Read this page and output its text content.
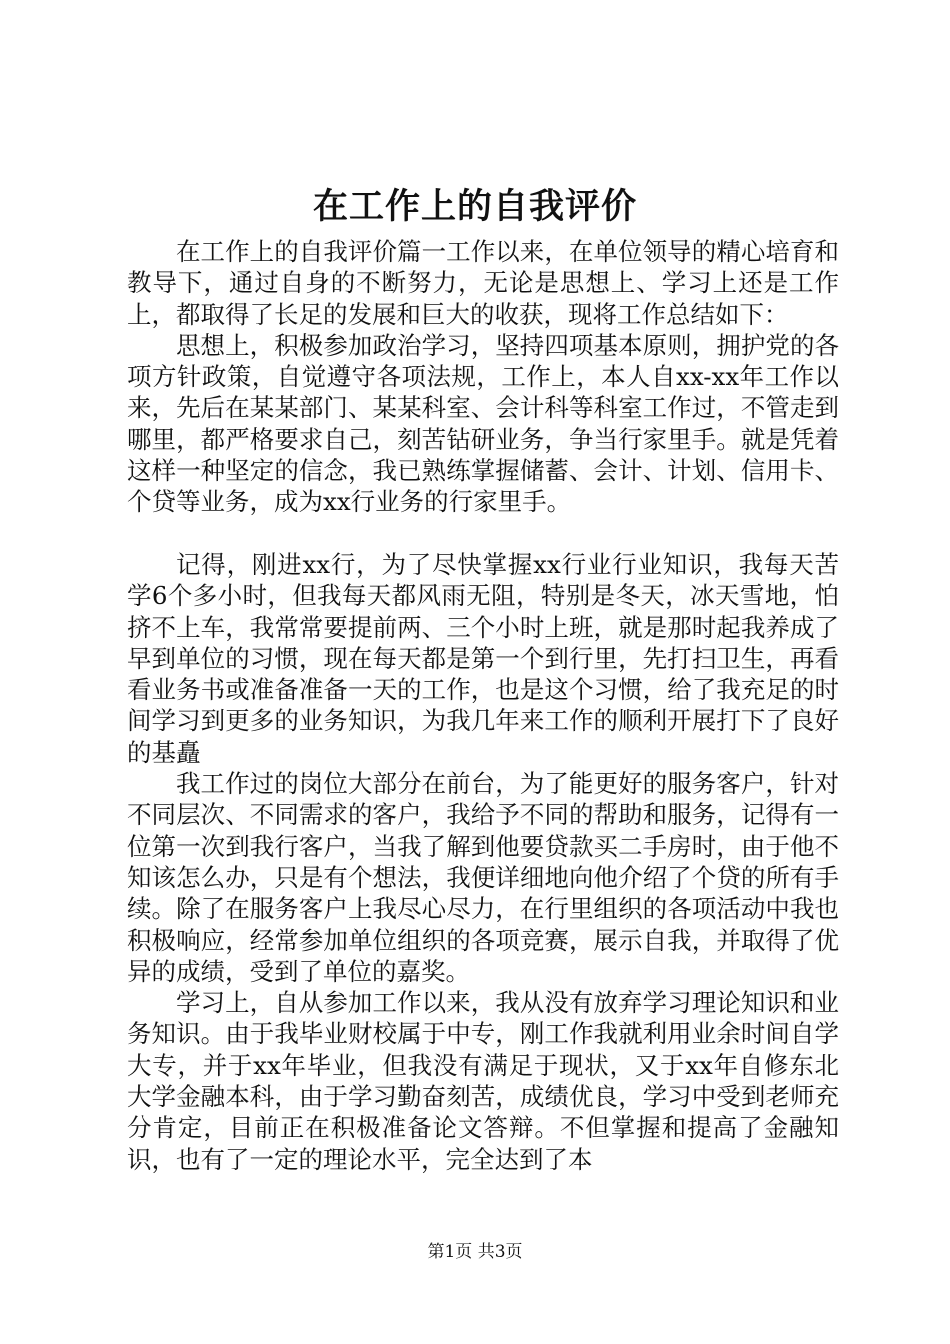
在工作上的自我评价

在工作上的自我评价篇一工作以来，在单位领导的精心培育和教导下，通过自身的不断努力，无论是思想上、学习上还是工作上，都取得了长足的发展和巨大的收获，现将工作总结如下：

思想上，积极参加政治学习，坚持四项基本原则，拥护党的各项方针政策，自觉遵守各项法规，工作上，本人自xx-xx年工作以来，先后在某某部门、某某科室、会计科等科室工作过，不管走到哪里，都严格要求自己，刻苦钻研业务，争当行家里手。就是凭着这样一种坚定的信念，我已熟练掌握储蓄、会计、计划、信用卡、个贷等业务，成为xx行业务的行家里手。

记得，刚进xx行，为了尽快掌握xx行业行业知识，我每天苦学6个多小时，但我每天都风雨无阻，特别是冬天，冰天雪地，怕挤不上车，我常常要提前两、三个小时上班，就是那时起我养成了早到单位的习惯，现在每天都是第一个到行里，先打扫卫生，再看看业务书或准备准备一天的工作，也是这个习惯，给了我充足的时间学习到更多的业务知识，为我几年来工作的顺利开展打下了良好的基矗

我工作过的岗位大部分在前台，为了能更好的服务客户，针对不同层次、不同需求的客户，我给予不同的帮助和服务，记得有一位第一次到我行客户，当我了解到他要贷款买二手房时，由于他不知该怎么办，只是有个想法，我便详细地向他介绍了个贷的所有手续。除了在服务客户上我尽心尽力，在行里组织的各项活动中我也积极响应，经常参加单位组织的各项竞赛，展示自我，并取得了优异的成绩，受到了单位的嘉奖。

学习上，自从参加工作以来，我从没有放弃学习理论知识和业务知识。由于我毕业财校属于中专，刚工作我就利用业余时间自学大专，并于xx年毕业，但我没有满足于现状，又于xx年自修东北大学金融本科，由于学习勤奋刻苦，成绩优良，学习中受到老师充分肯定，目前正在积极准备论文答辩。不但掌握和提高了金融知识，也有了一定的理论水平，完全达到了本

第1页 共3页
